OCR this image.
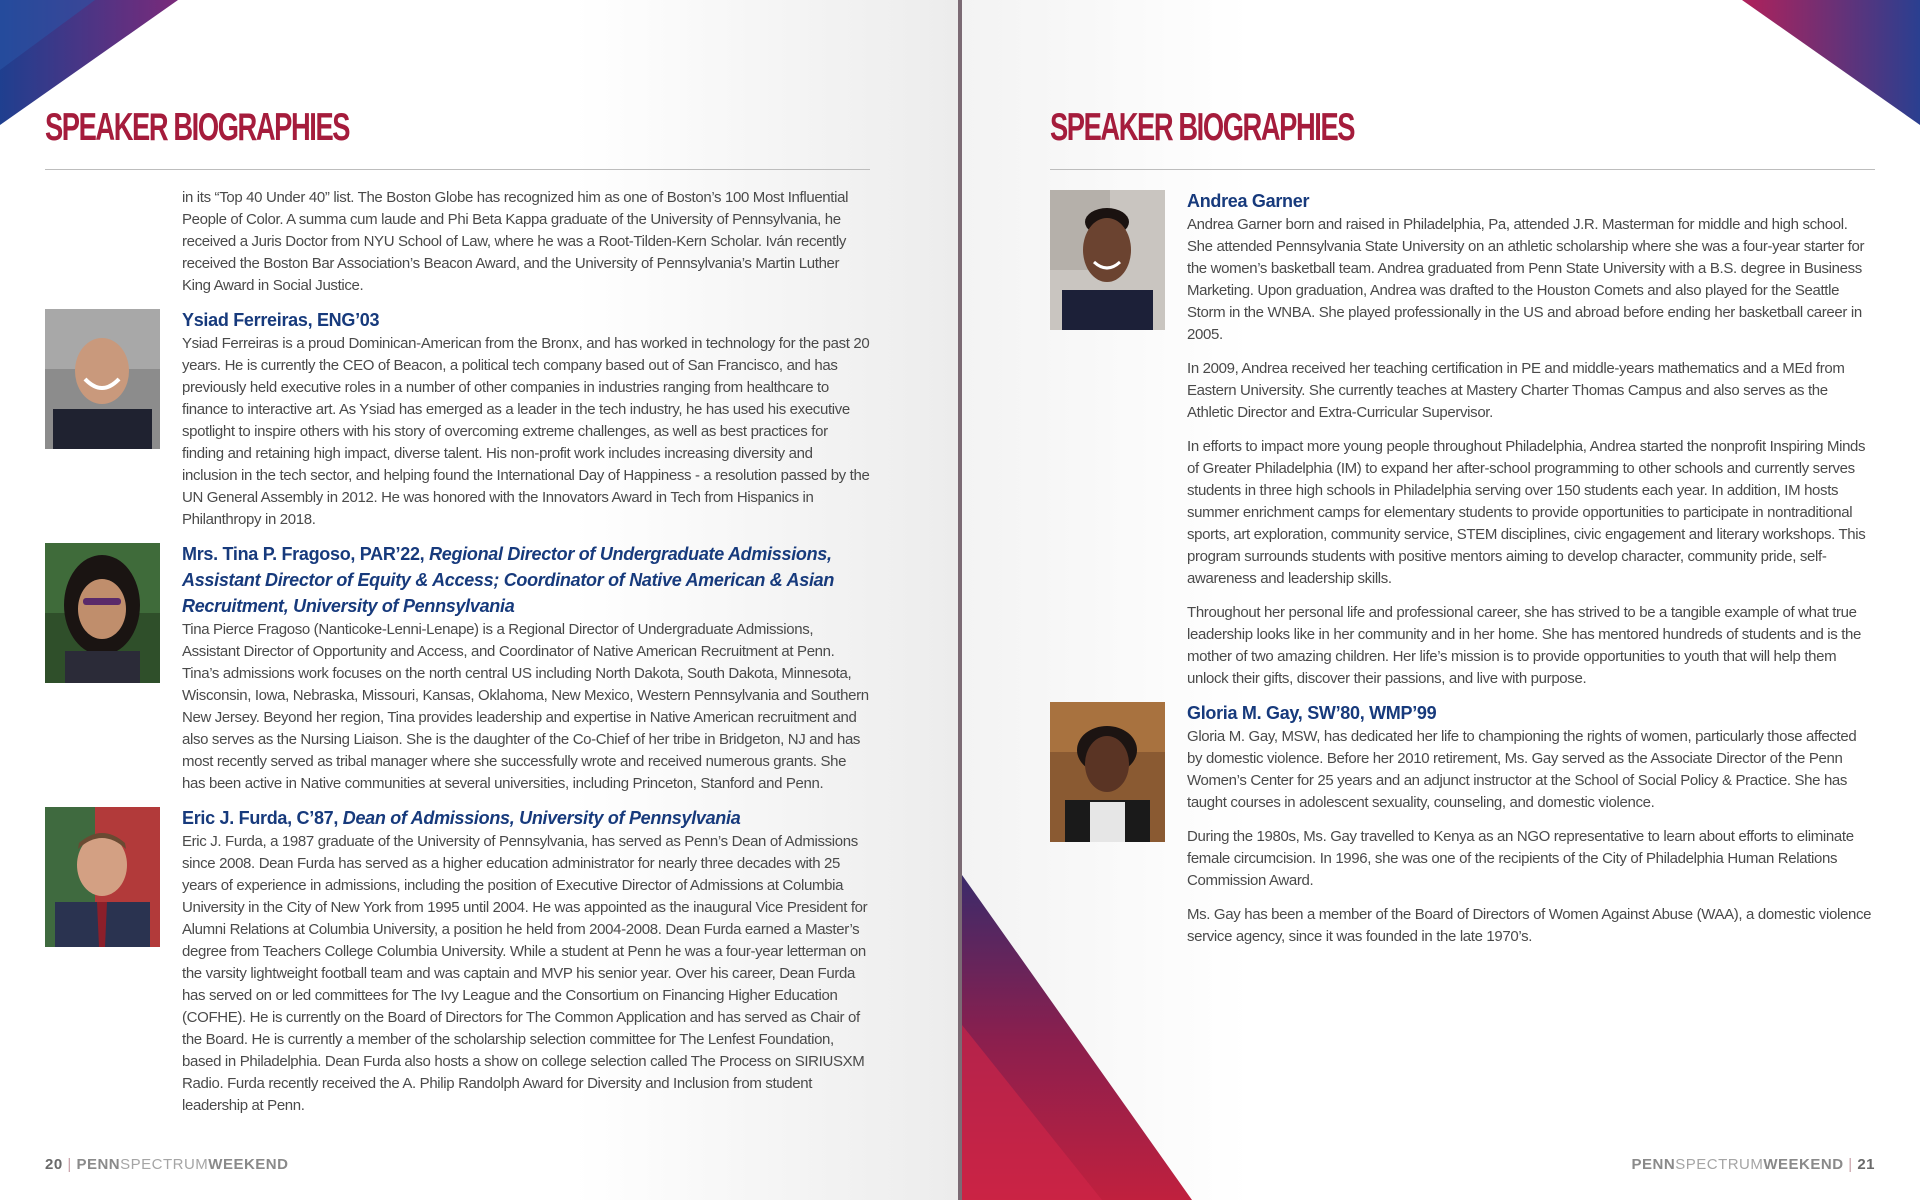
SPEAKER BIOGRAPHIES

in its “Top 40 Under 40” list. The Boston Globe has recognized him as one of Boston’s 100 Most Influential People of Color. A summa cum laude and Phi Beta Kappa graduate of the University of Pennsylvania, he received a Juris Doctor from NYU School of Law, where he was a Root-Tilden-Kern Scholar. Iván recently received the Boston Bar Association’s Beacon Award, and the University of Pennsylvania’s Martin Luther King Award in Social Justice.

Ysiad Ferreiras, ENG’03

Ysiad Ferreiras is a proud Dominican-American from the Bronx, and has worked in technology for the past 20 years. He is currently the CEO of Beacon, a political tech company based out of San Francisco, and has previously held executive roles in a number of other companies in industries ranging from healthcare to finance to interactive art. As Ysiad has emerged as a leader in the tech industry, he has used his executive spotlight to inspire others with his story of overcoming extreme challenges, as well as best practices for finding and retaining high impact, diverse talent. His non-profit work includes increasing diversity and inclusion in the tech sector, and helping found the International Day of Happiness - a resolution passed by the UN General Assembly in 2012. He was honored with the Innovators Award in Tech from Hispanics in Philanthropy in 2018.

Mrs. Tina P. Fragoso, PAR’22, Regional Director of Undergraduate Admissions, Assistant Director of Equity & Access; Coordinator of Native American & Asian Recruitment, University of Pennsylvania

Tina Pierce Fragoso (Nanticoke-Lenni-Lenape) is a Regional Director of Undergraduate Admissions, Assistant Director of Opportunity and Access, and Coordinator of Native American Recruitment at Penn. Tina’s admissions work focuses on the north central US including North Dakota, South Dakota, Minnesota, Wisconsin, Iowa, Nebraska, Missouri, Kansas, Oklahoma, New Mexico, Western Pennsylvania and Southern New Jersey. Beyond her region, Tina provides leadership and expertise in Native American recruitment and also serves as the Nursing Liaison. She is the daughter of the Co-Chief of her tribe in Bridgeton, NJ and has most recently served as tribal manager where she successfully wrote and received numerous grants. She has been active in Native communities at several universities, including Princeton, Stanford and Penn.

Eric J. Furda, C’87, Dean of Admissions, University of Pennsylvania

Eric J. Furda, a 1987 graduate of the University of Pennsylvania, has served as Penn’s Dean of Admissions since 2008. Dean Furda has served as a higher education administrator for nearly three decades with 25 years of experience in admissions, including the position of Executive Director of Admissions at Columbia University in the City of New York from 1995 until 2004. He was appointed as the inaugural Vice President for Alumni Relations at Columbia University, a position he held from 2004-2008. Dean Furda earned a Master’s degree from Teachers College Columbia University. While a student at Penn he was a four-year letterman on the varsity lightweight football team and was captain and MVP his senior year. Over his career, Dean Furda has served on or led committees for The Ivy League and the Consortium on Financing Higher Education (COFHE). He is currently on the Board of Directors for The Common Application and has served as Chair of the Board. He is currently a member of the scholarship selection committee for The Lenfest Foundation, based in Philadelphia. Dean Furda also hosts a show on college selection called The Process on SIRIUSXM Radio. Furda recently received the A. Philip Randolph Award for Diversity and Inclusion from student leadership at Penn.

20 | PENNSPECTRUMWEEKEND
SPEAKER BIOGRAPHIES

Andrea Garner

Andrea Garner born and raised in Philadelphia, Pa, attended J.R. Masterman for middle and high school. She attended Pennsylvania State University on an athletic scholarship where she was a four-year starter for the women’s basketball team. Andrea graduated from Penn State University with a B.S. degree in Business Marketing. Upon graduation, Andrea was drafted to the Houston Comets and also played for the Seattle Storm in the WNBA. She played professionally in the US and abroad before ending her basketball career in 2005.

In 2009, Andrea received her teaching certification in PE and middle-years mathematics and a MEd from Eastern University. She currently teaches at Mastery Charter Thomas Campus and also serves as the Athletic Director and Extra-Curricular Supervisor.

In efforts to impact more young people throughout Philadelphia, Andrea started the nonprofit Inspiring Minds of Greater Philadelphia (IM) to expand her after-school programming to other schools and currently serves students in three high schools in Philadelphia serving over 150 students each year. In addition, IM hosts summer enrichment camps for elementary students to provide opportunities to participate in nontraditional sports, art exploration, community service, STEM disciplines, civic engagement and literary workshops. This program surrounds students with positive mentors aiming to develop character, community pride, self-awareness and leadership skills.

Throughout her personal life and professional career, she has strived to be a tangible example of what true leadership looks like in her community and in her home. She has mentored hundreds of students and is the mother of two amazing children. Her life’s mission is to provide opportunities to youth that will help them unlock their gifts, discover their passions, and live with purpose.

Gloria M. Gay, SW’80, WMP’99

Gloria M. Gay, MSW, has dedicated her life to championing the rights of women, particularly those affected by domestic violence. Before her 2010 retirement, Ms. Gay served as the Associate Director of the Penn Women’s Center for 25 years and an adjunct instructor at the School of Social Policy & Practice. She has taught courses in adolescent sexuality, counseling, and domestic violence.

During the 1980s, Ms. Gay travelled to Kenya as an NGO representative to learn about efforts to eliminate female circumcision. In 1996, she was one of the recipients of the City of Philadelphia Human Relations Commission Award.

Ms. Gay has been a member of the Board of Directors of Women Against Abuse (WAA), a domestic violence service agency, since it was founded in the late 1970’s.

PENNSPECTRUMWEEKEND | 21
